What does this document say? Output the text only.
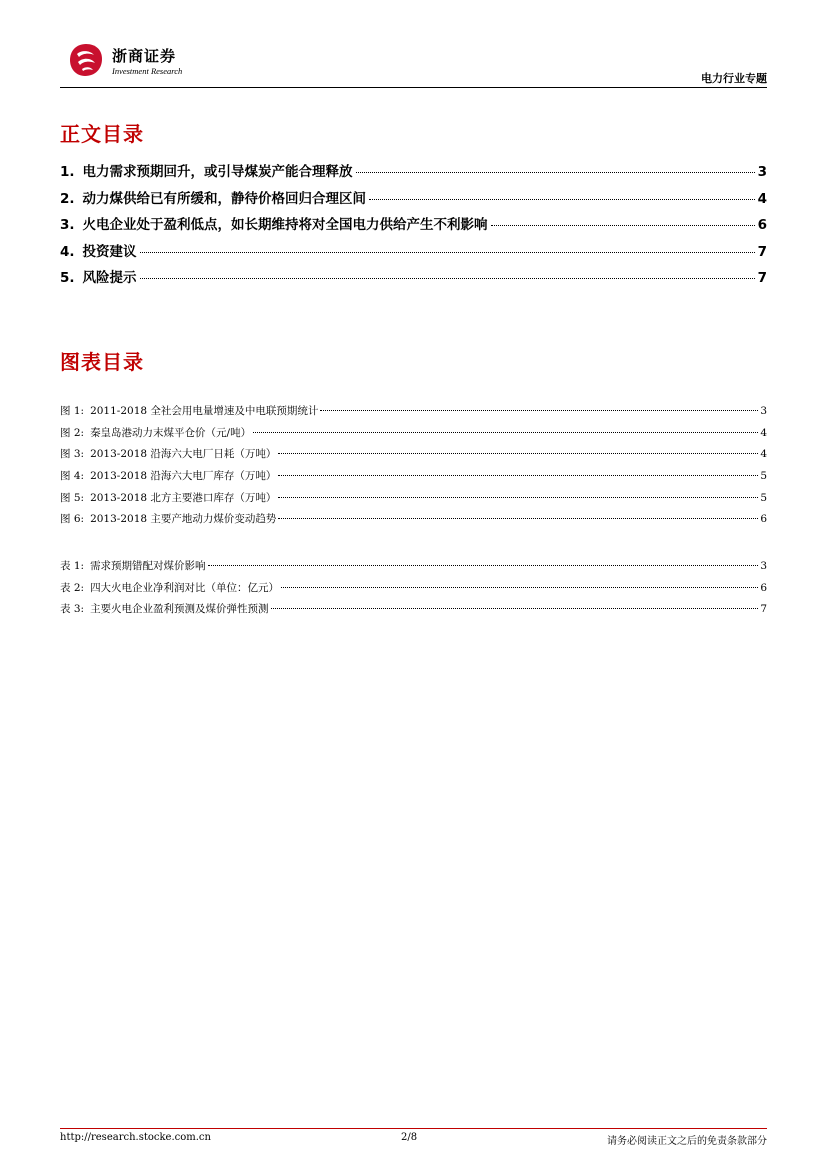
浙商证券
Investment Research
电力行业专题
正文目录
1. 电力需求预期回升，或引导煤炭产能合理释放	3
2. 动力煤供给已有所缓和，静待价格回归合理区间	4
3. 火电企业处于盈利低点，如长期维持将对全国电力供给产生不利影响	6
4. 投资建议	7
5. 风险提示	7
图表目录
图 1: 2011-2018 全社会用电量增速及中电联预期统计	3
图 2: 秦皇岛港动力末煤平仓价（元/吨）	4
图 3: 2013-2018 沿海六大电厂日耗（万吨）	4
图 4: 2013-2018 沿海六大电厂库存（万吨）	5
图 5: 2013-2018 北方主要港口库存（万吨）	5
图 6: 2013-2018 主要产地动力煤价变动趋势	6
表 1: 需求预期错配对煤价影响	3
表 2: 四大火电企业净利润对比（单位：亿元）	6
表 3: 主要火电企业盈利预测及煤价弹性预测	7
http://research.stocke.com.cn	2/8	请务必阅读正文之后的免责条款部分
